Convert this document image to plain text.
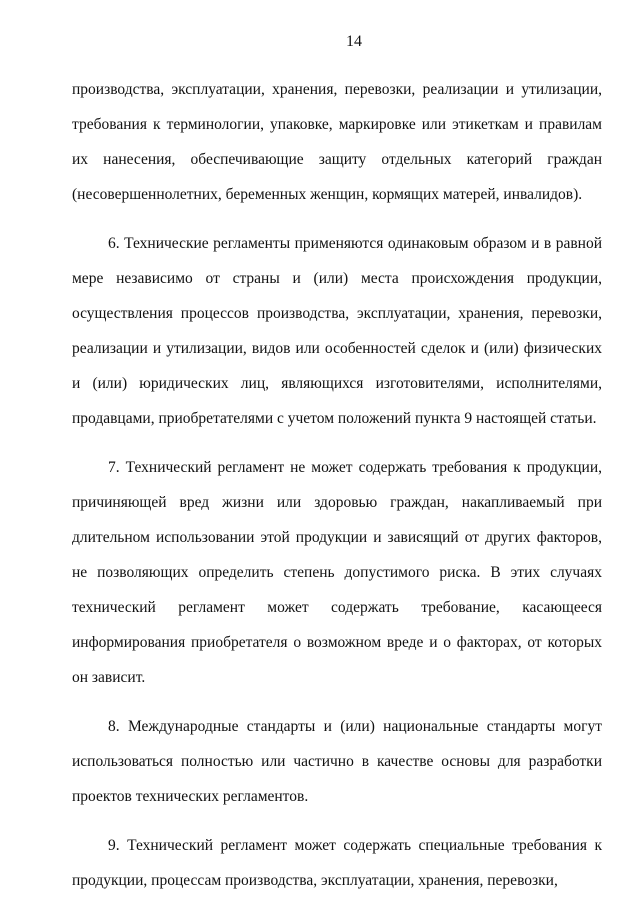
14

производства, эксплуатации, хранения, перевозки, реализации и утилизации, требования к терминологии, упаковке, маркировке или этикеткам и правилам их нанесения, обеспечивающие защиту отдельных категорий граждан (несовершеннолетних, беременных женщин, кормящих матерей, инвалидов).

6. Технические регламенты применяются одинаковым образом и в равной мере независимо от страны и (или) места происхождения продукции, осуществления процессов производства, эксплуатации, хранения, перевозки, реализации и утилизации, видов или особенностей сделок и (или) физических и (или) юридических лиц, являющихся изготовителями, исполнителями, продавцами, приобретателями с учетом положений пункта 9 настоящей статьи.

7. Технический регламент не может содержать требования к продукции, причиняющей вред жизни или здоровью граждан, накапливаемый при длительном использовании этой продукции и зависящий от других факторов, не позволяющих определить степень допустимого риска. В этих случаях технический регламент может содержать требование, касающееся информирования приобретателя о возможном вреде и о факторах, от которых он зависит.

8. Международные стандарты и (или) национальные стандарты могут использоваться полностью или частично в качестве основы для разработки проектов технических регламентов.

9. Технический регламент может содержать специальные требования к продукции, процессам производства, эксплуатации, хранения, перевозки,
